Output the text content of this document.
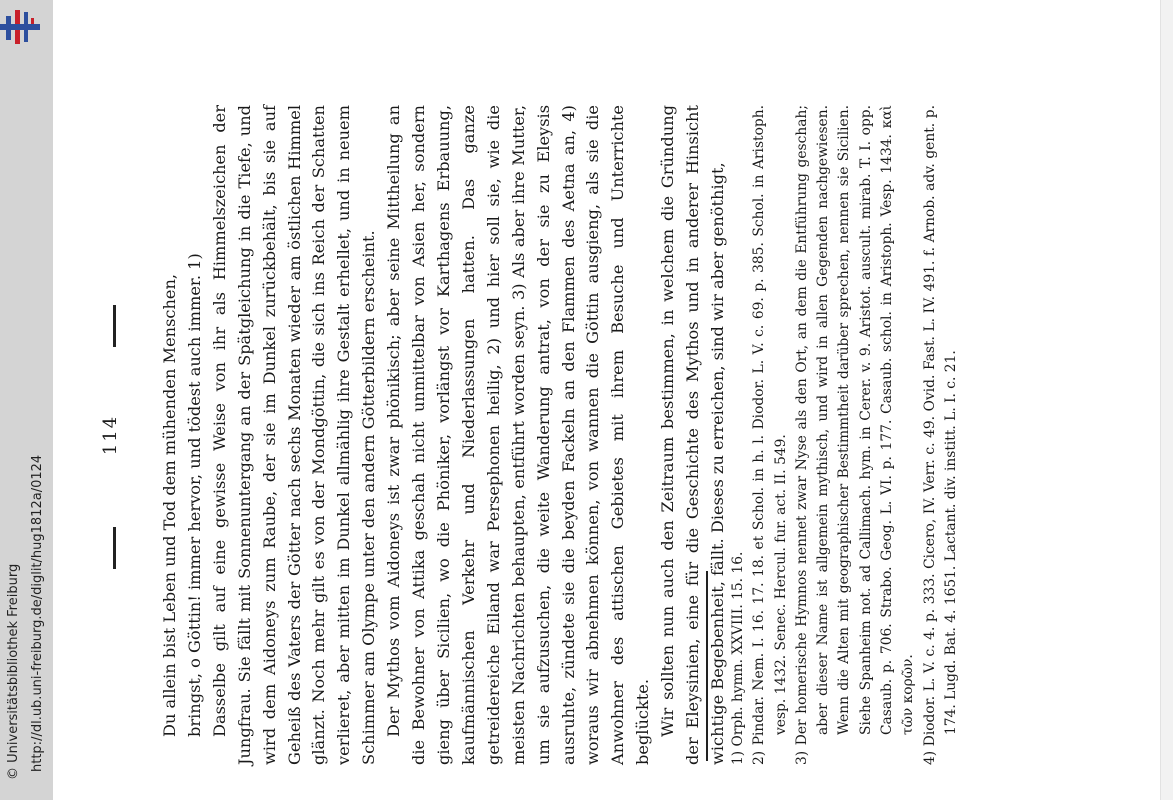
http://dl.ub.uni-freiburg.de/diglit/hug1812a/0124
© Universitätsbibliothek Freiburg
114 Du allein bist Leben und Tod dem mühenden Menschen, bringst, o Göttin! immer hervor, und tödest auch immer. 1) Dasselbe gilt auf eine gewisse Weise von ihr als Himmelszeichen der Jungfrau. Sie fällt mit Sonnenuntergang an der Spätgleichung in die Tiefe, und wird dem Aidoneys zum Raube, der sie im Dunkel zurückbehält, bis sie auf Geheiß des Vaters der Götter nach sechs Monaten wieder am östlichen Himmel glänzt. Noch mehr gilt es von der Mondgöttin, die sich ins Reich der Schatten verlieret, aber mitten im Dunkel allmählig ihre Gestalt erhellet, und in neuem Schimmer am Olympe unter den andern Götterbildern erscheint. Der Mythos vom Aidoneys ist zwar phönikisch; aber seine Mittheilung an die Bewohner von Attika geschah nicht unmittelbar von Asien her, sondern gieng über Sicilien, wo die Phöniker, vorlängst vor Karthagens Erbauung, kaufmännischen Verkehr und Niederlassungen hatten. Das ganze getreidereiche Eiland war Persephonen heilig, 2) und hier soll sie, wie die meisten Nachrichten behaupten, entführt worden seyn. 3) Als aber ihre Mutter, um sie aufzusuchen, die weite Wanderung antrat, von der sie zu Eleysis ausruhte, zündete sie die beyden Fackeln an den Flammen des Aetna an, 4) woraus wir abnehmen können, von wannen die Göttin ausgieng, als sie die Anwohner des attischen Gebietes mit ihrem Besuche und Unterrichte beglückte. Wir sollten nun auch den Zeitraum bestimmen, in welchem die Gründung der Eleysinien, eine für die Geschichte des Mythos und in anderer Hinsicht wichtige Begebenheit, fällt. Dieses zu erreichen, sind wir aber genöthigt, 1) Orph. hymn. XXVIII. 15. 16. 2) Pindar. Nem. I. 16. 17. 18. et Schol. in h. l. Diodor. L. V. c. 69. p. 385. Schol. in Aristoph. vesp. 1432. Senec. Hercul. fur. act. II. 549. 3) Der homerische Hymnos nennet zwar Nyse als den Ort, an dem die Entführung geschah; aber dieser Name ist allgemein mythisch, und wird in allen Gegenden nachgewiesen. Wenn die Alten mit geographischer Bestimmtheit darüber sprechen, nennen sie Sicilien. Siehe Spanheim not. ad Callimach. hym. in Cerer. v. 9. Aristot. auscult. mirab. T. I. opp. Casaub. p. 706. Strabo. Geog. L. VI. p. 177. Casaub. schol. in Aristoph. Vesp. 1434. καὶ τῶν κορῶν. 4) Diodor. L. V. c. 4. p. 333. Cicero, IV. Verr. c. 49. Ovid. Fast. L. IV. 491. f. Arnob. adv. gent. p. 174. Lugd. Bat. 4. 1651. Lactant. div. institt. L. I. c. 21.
